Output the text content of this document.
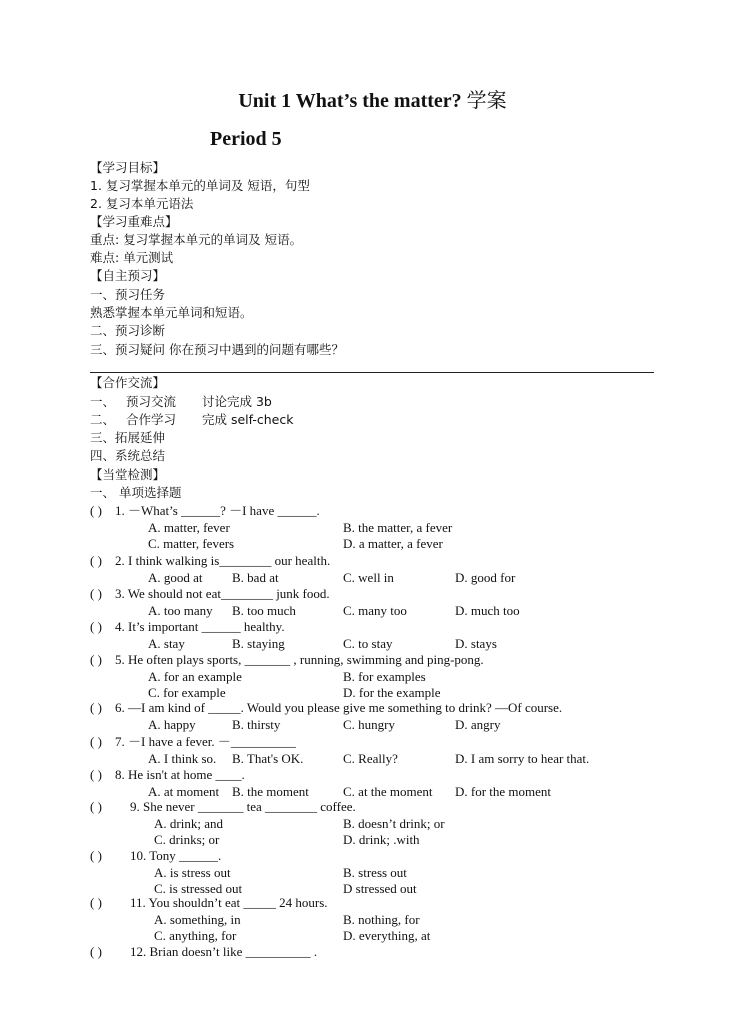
Unit 1 What’s the matter? 学案
Period 5
【学习目标】
1. 复习掌握本单元的单词及 短语，句型
2. 复习本单元语法
【学习重难点】
重点: 复习掌握本单元的单词及 短语。
难点: 单元测试
【自主预习】
一、预习任务
熟悉掌握本单元单词和短语。
二、预习诊断
三、预习疑问 你在预习中遇到的问题有哪些？
【合作交流】
一、 预习交流 讨论完成 3b
二、 合作学习 完成 self-check
三、拓展延伸
四、系统总结
【当堂检测】
一、 单项选择题
( ) 1. －What’s ______? －I have ______.
A. matter, fever	B. the matter, a fever
C. matter, fevers	D. a matter, a fever
( ) 2. I think walking is________ our health.
A. good at B. bad at	C. well in	D. good for
( ) 3. We should not eat________ junk food.
A. too many B. too much	C. many too	D. much too
( ) 4. It’s important ______ healthy.
A. stay	B. staying	C. to stay	D. stays
( ) 5. He often plays sports, _______ , running, swimming and ping-pong.
A. for an example	B. for examples
C. for example	D. for the example
( ) 6. —I am kind of _____. Would you please give me something to drink? —Of course.
A. happy	B. thirsty	C. hungry	D. angry
( ) 7. －I have a fever. －__________
A. I think so. B. That's OK.	C. Really?	D. I am sorry to hear that.
( ) 8. He isn't at home ____.
A. at moment B. the moment	C. at the moment D. for the moment
( ) 9. She never _______ tea ________ coffee.
A. drink; and	B. doesn’t drink; or
C. drinks; or	D. drink; .with
( ) 10. Tony ______.
A. is stress out	B. stress out
C. is stressed out	D stressed out
( ) 11. You shouldn’t eat _____ 24 hours.
A. something, in	B. nothing, for
C. anything, for	D. everything, at
( ) 12. Brian doesn’t like __________ .
